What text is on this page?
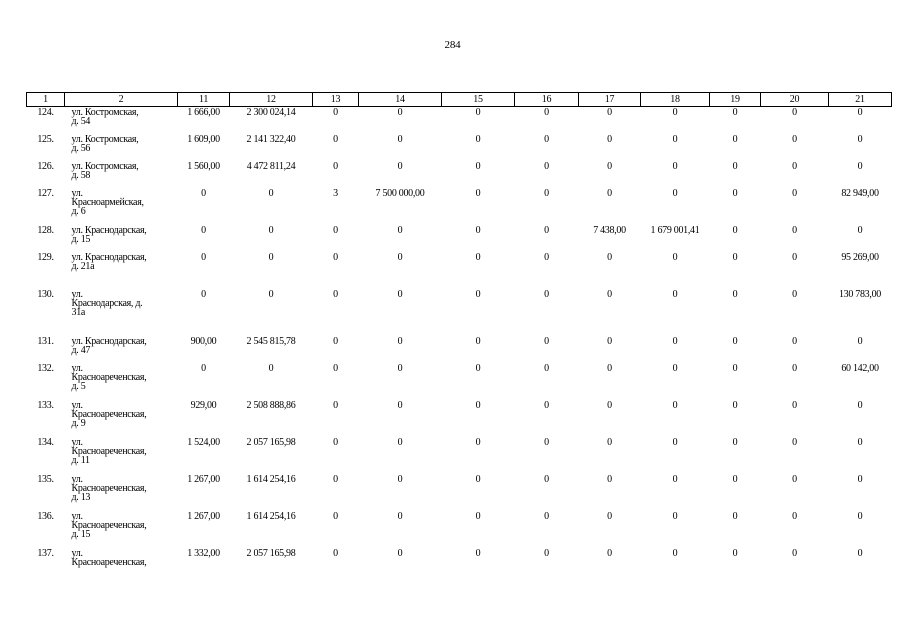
284
1	2	11	12	13	14	15	16	17	18	19	20	21
124.	ул. Костромская,
д. 54	1 666,00	2 300 024,14	0	0	0	0	0	0	0	0	0
125.	ул. Костромская,
д. 56	1 609,00	2 141 322,40	0	0	0	0	0	0	0	0	0
126.	ул. Костромская,
д. 58	1 560,00	4 472 811,24	0	0	0	0	0	0	0	0	0
127.	ул.
Красноармейская,
д. 6	0	0	3	7 500 000,00	0	0	0	0	0	0	82 949,00
128.	ул. Краснодарская,
д. 15	0	0	0	0	0	0	7 438,00	1 679 001,41	0	0	0
129.	ул. Краснодарская,
д. 21а	0	0	0	0	0	0	0	0	0	0	95 269,00
130.	ул.
Краснодарская, д.
31а	0	0	0	0	0	0	0	0	0	0	130 783,00
131.	ул. Краснодарская,
д. 47	900,00	2 545 815,78	0	0	0	0	0	0	0	0	0
132.	ул.
Красноареченская,
д. 5	0	0	0	0	0	0	0	0	0	0	60 142,00
133.	ул.
Красноареченская,
д. 9	929,00	2 508 888,86	0	0	0	0	0	0	0	0	0
134.	ул.
Красноареченская,
д. 11	1 524,00	2 057 165,98	0	0	0	0	0	0	0	0	0
135.	ул.
Красноареченская,
д. 13	1 267,00	1 614 254,16	0	0	0	0	0	0	0	0	0
136.	ул.
Красноареченская,
д. 15	1 267,00	1 614 254,16	0	0	0	0	0	0	0	0	0
137.	ул.
Красноареченская,	1 332,00	2 057 165,98	0	0	0	0	0	0	0	0	0
